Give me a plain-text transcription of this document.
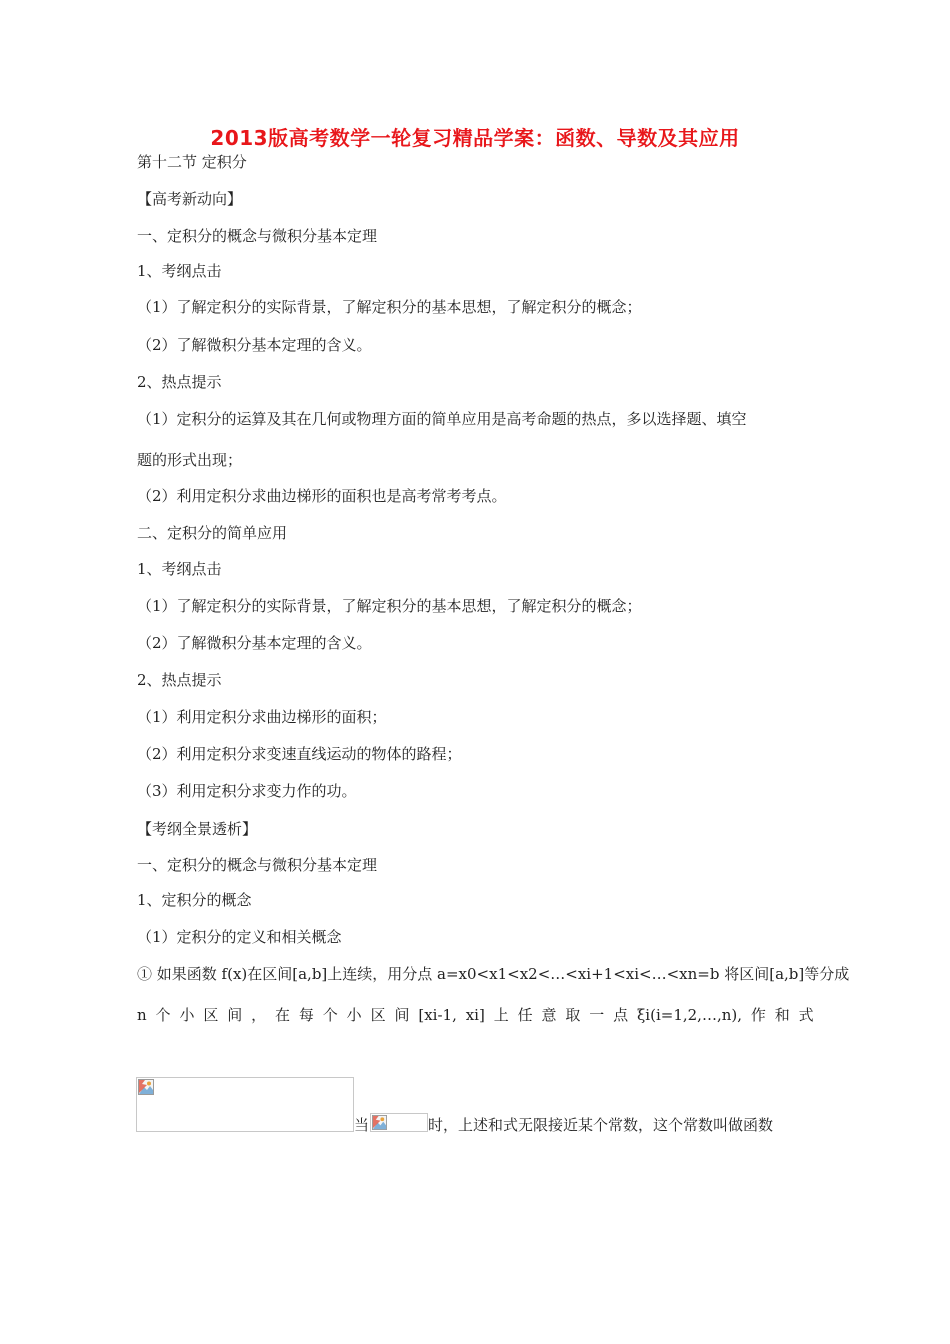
2013版高考数学一轮复习精品学案：函数、导数及其应用
第十二节 定积分
【高考新动向】
一、定积分的概念与微积分基本定理
1、考纲点击
（1）了解定积分的实际背景，了解定积分的基本思想，了解定积分的概念；
（2）了解微积分基本定理的含义。
2、热点提示
（1）定积分的运算及其在几何或物理方面的简单应用是高考命题的热点，多以选择题、填空
题的形式出现；
（2）利用定积分求曲边梯形的面积也是高考常考考点。
二、定积分的简单应用
1、考纲点击
（1）了解定积分的实际背景，了解定积分的基本思想，了解定积分的概念；
（2）了解微积分基本定理的含义。
2、热点提示
（1）利用定积分求曲边梯形的面积；
（2）利用定积分求变速直线运动的物体的路程；
（3）利用定积分求变力作的功。
【考纲全景透析】
一、定积分的概念与微积分基本定理
1、定积分的概念
（1）定积分的定义和相关概念
① 如果函数 f(x)在区间[a,b]上连续，用分点 a=x0<x1<x2<…<xi+1<xi<…<xn=b 将区间[a,b]等分成
n 个 小 区 间 ， 在 每 个 小 区 间 [xi-1, xi] 上 任 意 取 一 点 ξi(i=1,2,…,n), 作 和 式
当	时，上述和式无限接近某个常数，这个常数叫做函数
